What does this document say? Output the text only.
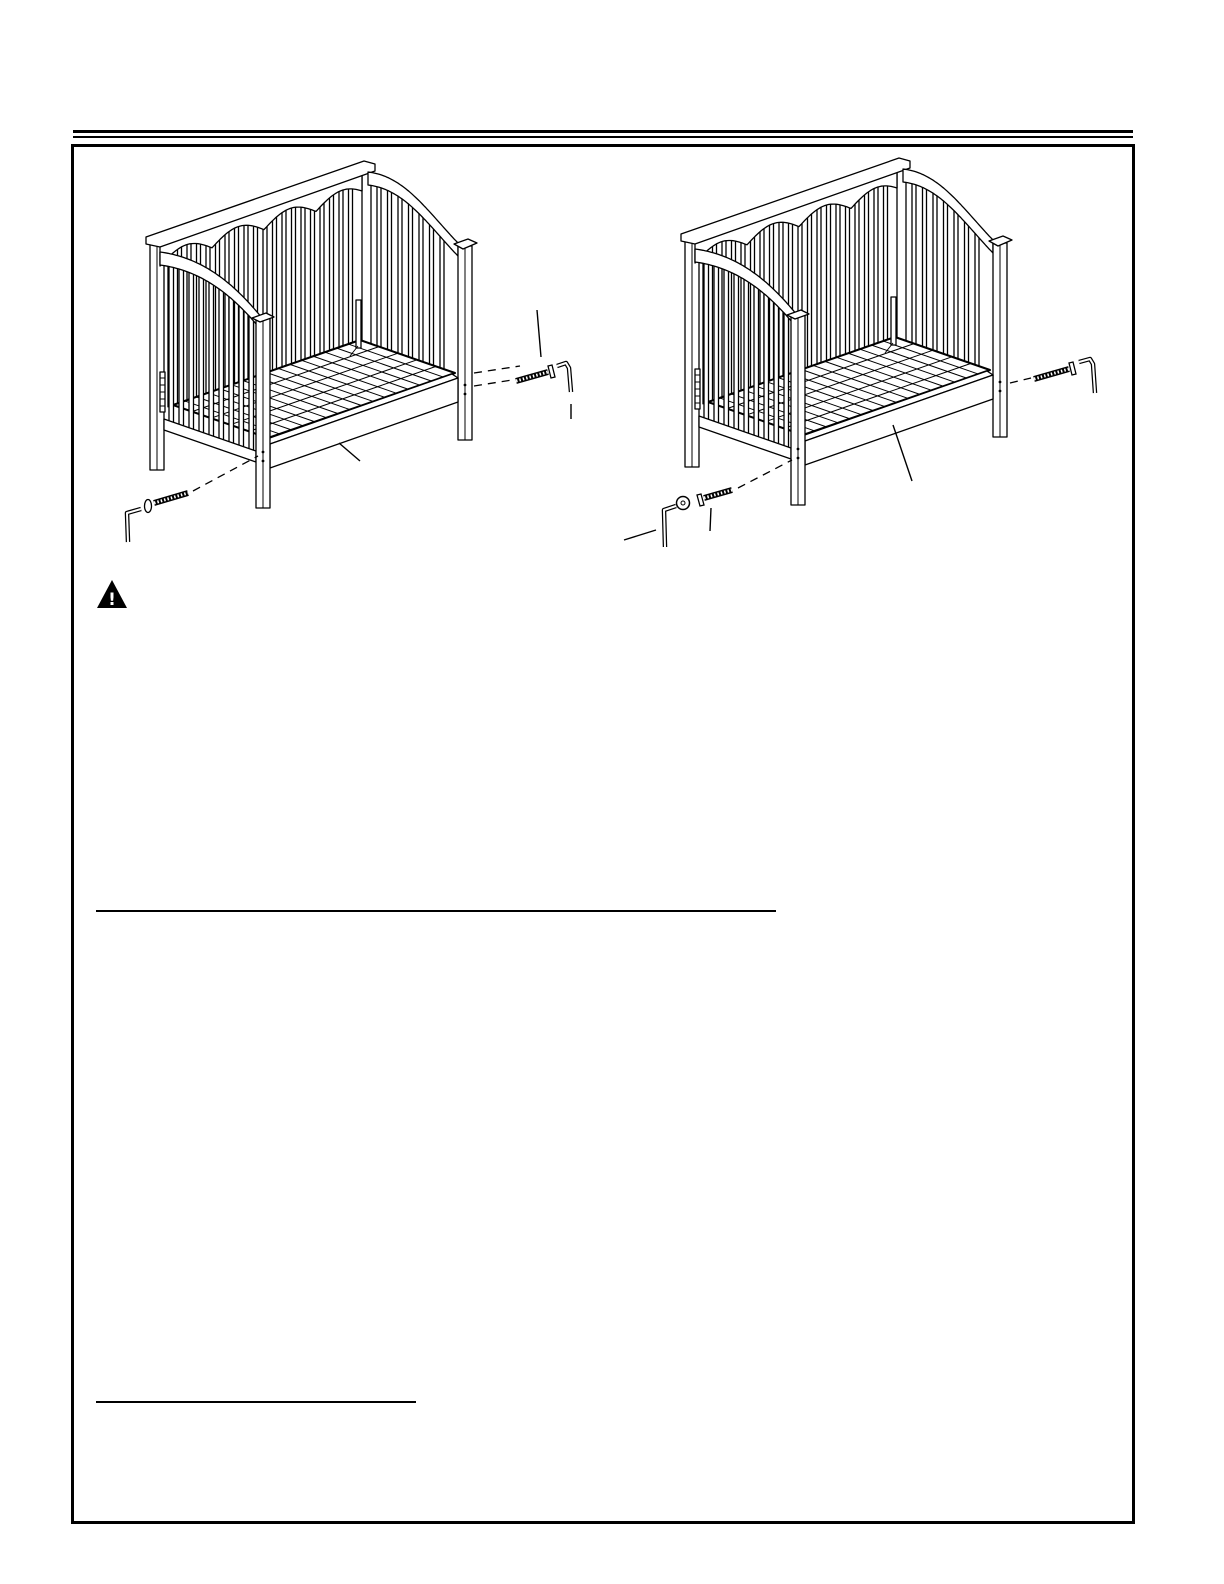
!
